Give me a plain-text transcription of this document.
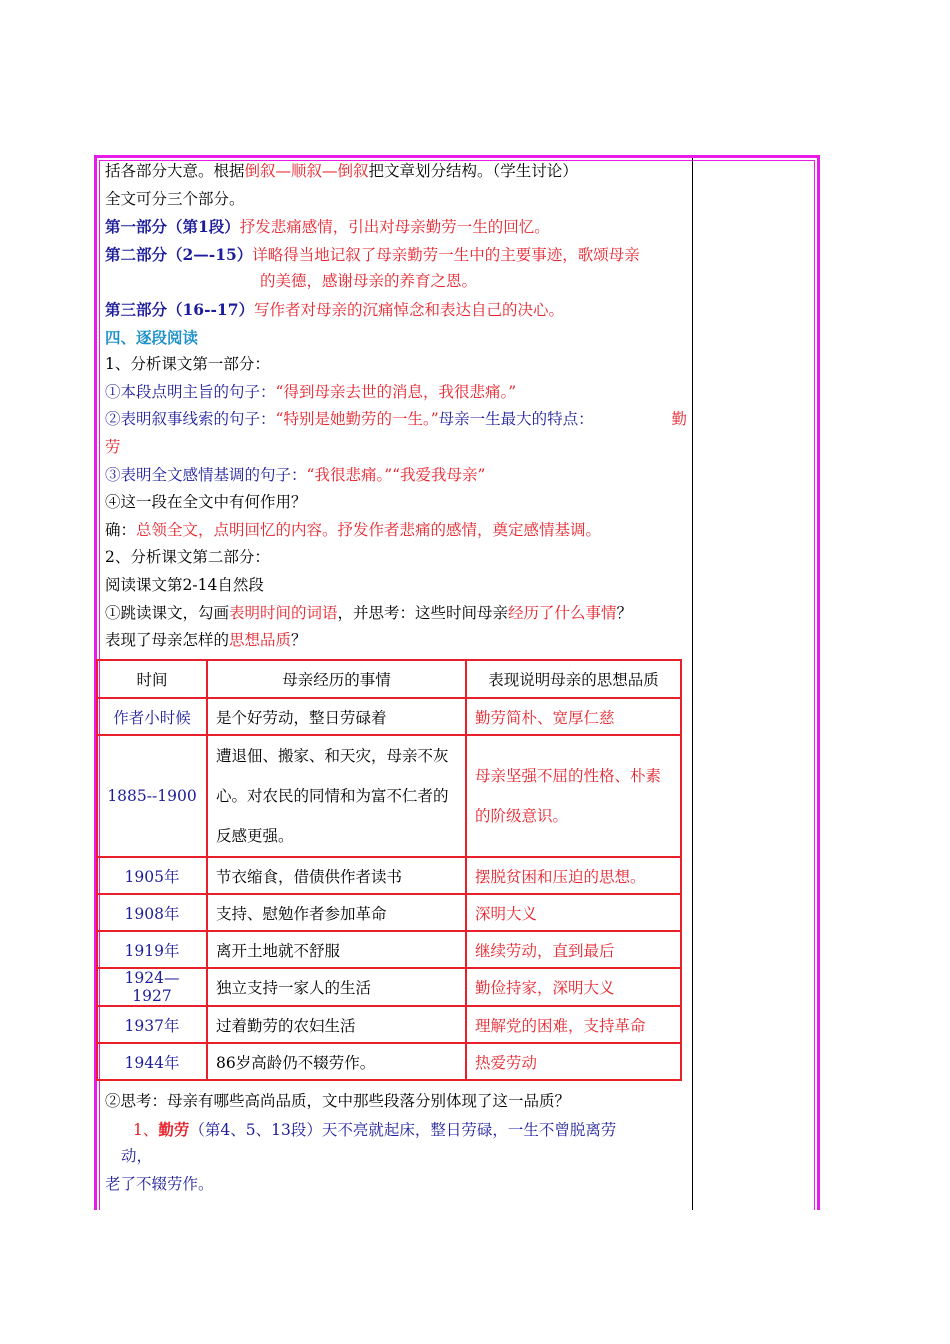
括各部分大意。根据倒叙—顺叙—倒叙把文章划分结构。（学生讨论）
全文可分三个部分。
第一部分（第1段）抒发悲痛感情，引出对母亲勤劳一生的回忆。
第二部分（2—-15）详略得当地记叙了母亲勤劳一生中的主要事迹，歌颂母亲
的美德，感谢母亲的养育之恩。
第三部分（16--17）写作者对母亲的沉痛悼念和表达自己的决心。
四、逐段阅读
1、分析课文第一部分：
①本段点明主旨的句子：“得到母亲去世的消息，我很悲痛。”
②表明叙事线索的句子：“特别是她勤劳的一生。”母亲一生最大的特点：	勤
劳
③表明全文感情基调的句子：“我很悲痛。”“我爱我母亲”
④这一段在全文中有何作用？
确：总领全文，点明回忆的内容。抒发作者悲痛的感情，奠定感情基调。
2、分析课文第二部分：
阅读课文第2-14自然段
①跳读课文，勾画表明时间的词语，并思考：这些时间母亲经历了什么事情？
表现了母亲怎样的思想品质？
时间	母亲经历的事情	表现说明母亲的思想品质
作者小时候	是个好劳动，整日劳碌着	勤劳简朴、宽厚仁慈
1885--1900	遭退佃、搬家、和天灾，母亲不灰心。对农民的同情和为富不仁者的反感更强。	母亲坚强不屈的性格、朴素的阶级意识。
1905年	节衣缩食，借债供作者读书	摆脱贫困和压迫的思想。
1908年	支持、慰勉作者参加革命	深明大义
1919年	离开土地就不舒服	继续劳动，直到最后
1924—1927	独立支持一家人的生活	勤俭持家，深明大义
1937年	过着勤劳的农妇生活	理解党的困难，支持革命
1944年	86岁高龄仍不辍劳作。	热爱劳动
②思考：母亲有哪些高尚品质，文中那些段落分别体现了这一品质？
1、勤劳（第4、5、13段）天不亮就起床，整日劳碌，一生不曾脱离劳
动，
老了不辍劳作。
